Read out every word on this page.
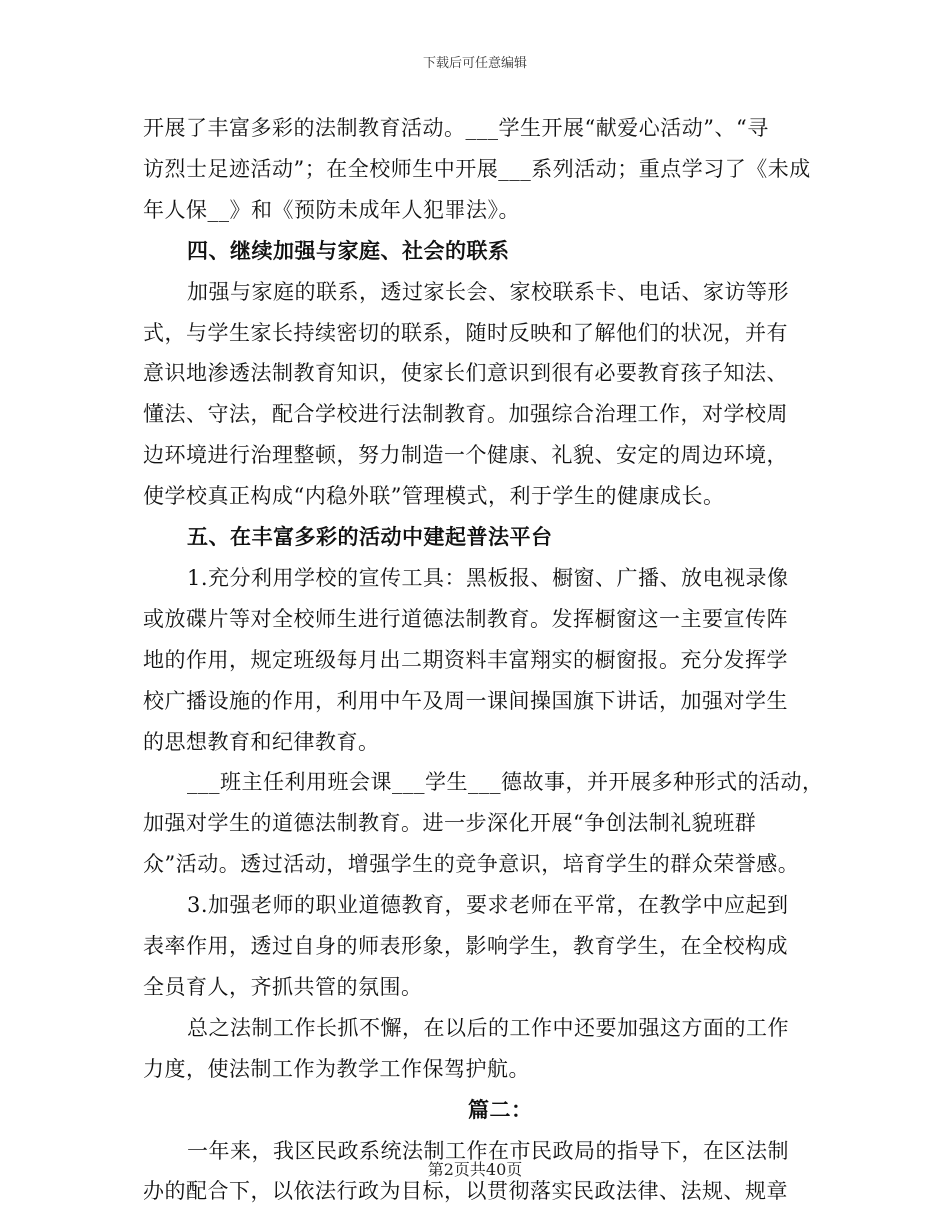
下载后可任意编辑
开展了丰富多彩的法制教育活动。___学生开展“献爱心活动”、“寻
访烈士足迹活动”；在全校师生中开展___系列活动；重点学习了《未成
年人保__》和《预防未成年人犯罪法》。
四、继续加强与家庭、社会的联系
加强与家庭的联系，透过家长会、家校联系卡、电话、家访等形
式，与学生家长持续密切的联系，随时反映和了解他们的状况，并有
意识地渗透法制教育知识，使家长们意识到很有必要教育孩子知法、
懂法、守法，配合学校进行法制教育。加强综合治理工作，对学校周
边环境进行治理整顿，努力制造一个健康、礼貌、安定的周边环境，
使学校真正构成“内稳外联”管理模式，利于学生的健康成长。
五、在丰富多彩的活动中建起普法平台
1.充分利用学校的宣传工具：黑板报、橱窗、广播、放电视录像
或放碟片等对全校师生进行道德法制教育。发挥橱窗这一主要宣传阵
地的作用，规定班级每月出二期资料丰富翔实的橱窗报。充分发挥学
校广播设施的作用，利用中午及周一课间操国旗下讲话，加强对学生
的思想教育和纪律教育。
___班主任利用班会课___学生___德故事，并开展多种形式的活动，
加强对学生的道德法制教育。进一步深化开展“争创法制礼貌班群
众”活动。透过活动，增强学生的竞争意识，培育学生的群众荣誉感。
3.加强老师的职业道德教育，要求老师在平常，在教学中应起到
表率作用，透过自身的师表形象，影响学生，教育学生，在全校构成
全员育人，齐抓共管的氛围。
总之法制工作长抓不懈，在以后的工作中还要加强这方面的工作
力度，使法制工作为教学工作保驾护航。
篇二：
一年来，我区民政系统法制工作在市民政局的指导下，在区法制
办的配合下，以依法行政为目标，以贯彻落实民政法律、法规、规章
第2页共40页
